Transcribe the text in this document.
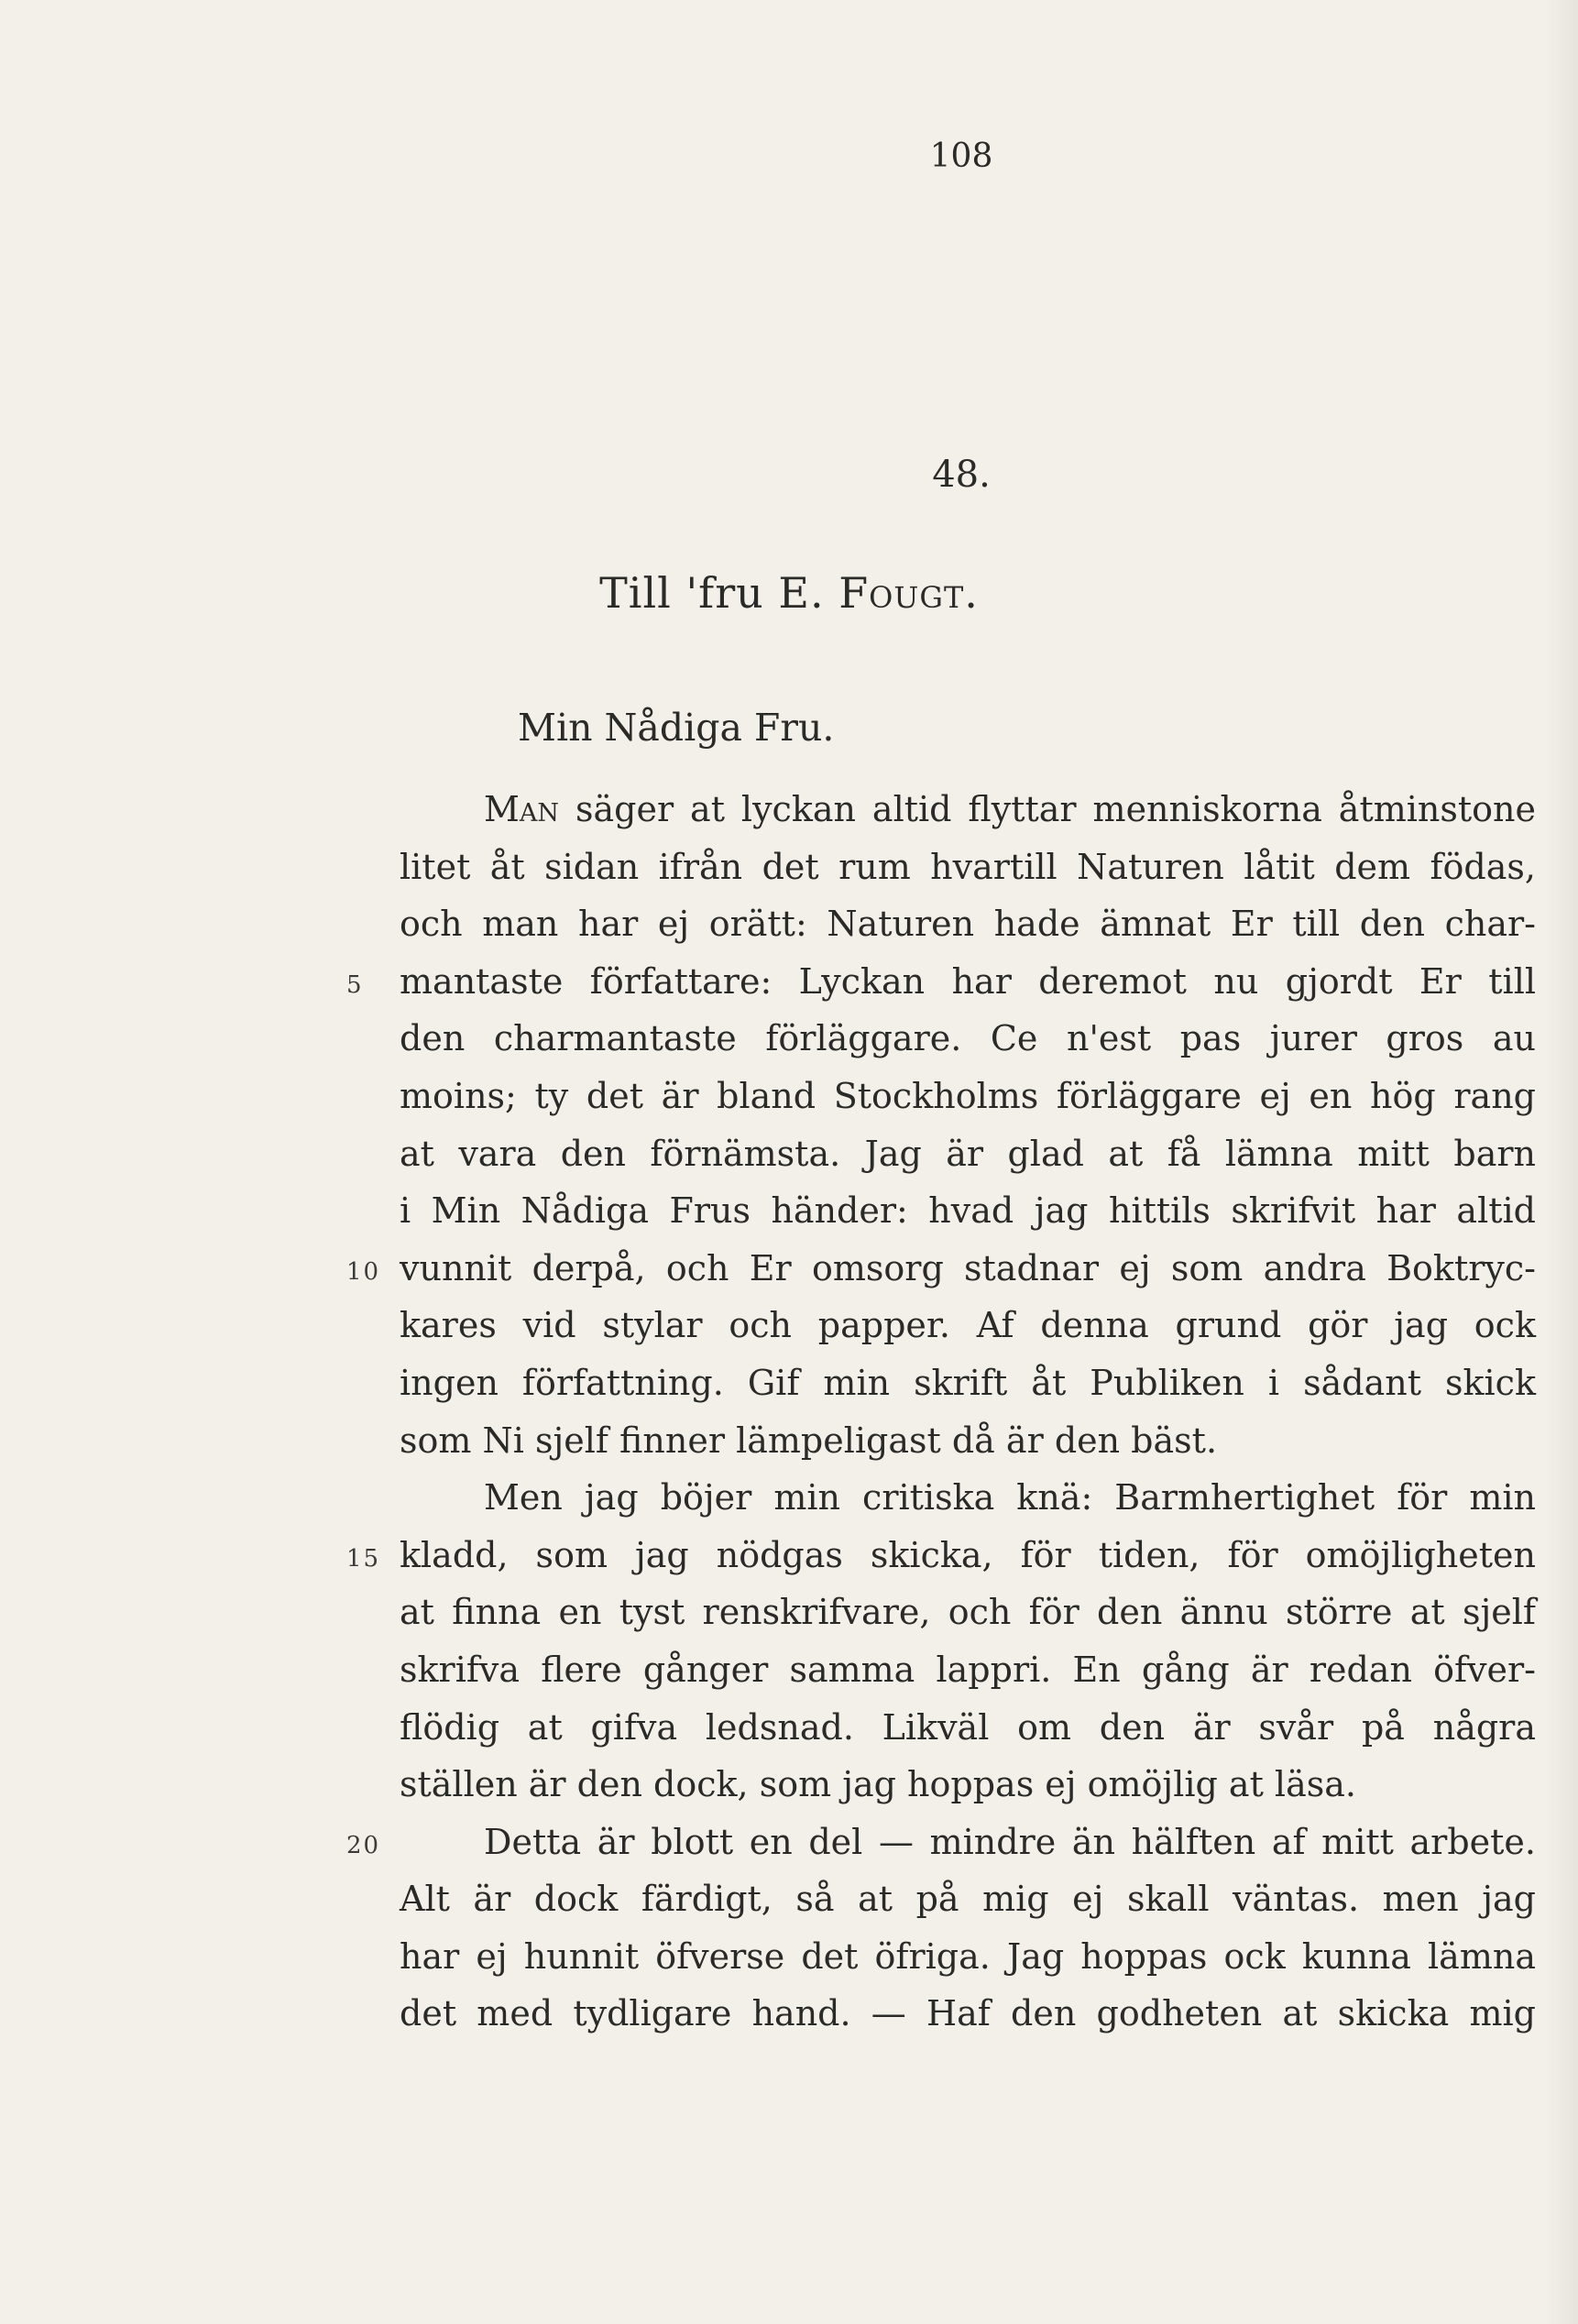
108
48.
Till 'fru E. Fougt.
Min Nådiga Fru.
Man säger at lyckan altid flyttar menniskorna åtminstone
litet åt sidan ifrån det rum hvartill Naturen låtit dem födas,
och man har ej orätt: Naturen hade ämnat Er till den char-
5 mantaste författare: Lyckan har deremot nu gjordt Er till
den charmantaste förläggare. Ce n'est pas jurer gros au
moins; ty det är bland Stockholms förläggare ej en hög rang
at vara den förnämsta. Jag är glad at få lämna mitt barn
i Min Nådiga Frus händer: hvad jag hittils skrifvit har altid
10 vunnit derpå, och Er omsorg stadnar ej som andra Boktryc-
kares vid stylar och papper. Af denna grund gör jag ock
ingen författning. Gif min skrift åt Publiken i sådant skick
som Ni sjelf finner lämpeligast då är den bäst.
Men jag böjer min critiska knä: Barmhertighet för min
15 kladd, som jag nödgas skicka, för tiden, för omöjligheten
at finna en tyst renskrifvare, och för den ännu större at sjelf
skrifva flere gånger samma lappri. En gång är redan öfver-
flödig at gifva ledsnad. Likväl om den är svår på några
ställen är den dock, som jag hoppas ej omöjlig at läsa.
20	Detta är blott en del — mindre än hälften af mitt arbete.
Alt är dock färdigt, så at på mig ej skall väntas. men jag
har ej hunnit öfverse det öfriga. Jag hoppas ock kunna lämna
det med tydligare hand. — Haf den godheten at skicka mig
